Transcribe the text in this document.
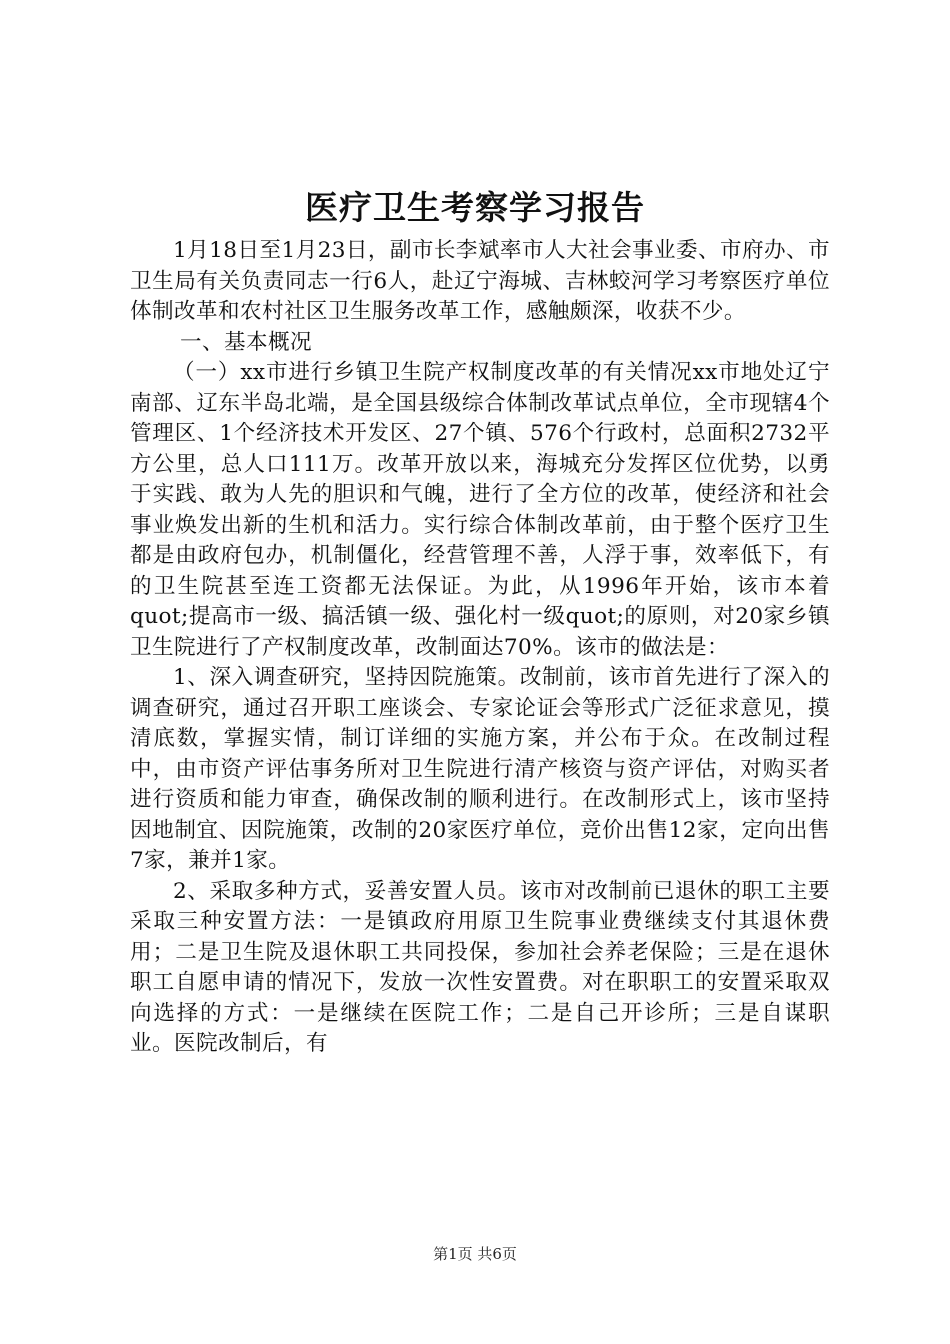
医疗卫生考察学习报告

1月18日至1月23日，副市长李斌率市人大社会事业委、市府办、市卫生局有关负责同志一行6人，赴辽宁海城、吉林蛟河学习考察医疗单位体制改革和农村社区卫生服务改革工作，感触颇深，收获不少。

一、基本概况

（一）xx市进行乡镇卫生院产权制度改革的有关情况xx市地处辽宁南部、辽东半岛北端，是全国县级综合体制改革试点单位，全市现辖4个管理区、1个经济技术开发区、27个镇、576个行政村，总面积2732平方公里，总人口111万。改革开放以来，海城充分发挥区位优势，以勇于实践、敢为人先的胆识和气魄，进行了全方位的改革，使经济和社会事业焕发出新的生机和活力。实行综合体制改革前，由于整个医疗卫生都是由政府包办，机制僵化，经营管理不善，人浮于事，效率低下，有的卫生院甚至连工资都无法保证。为此，从1996年开始，该市本着quot;提高市一级、搞活镇一级、强化村一级quot;的原则，对20家乡镇卫生院进行了产权制度改革，改制面达70%。该市的做法是：

1、深入调查研究，坚持因院施策。改制前，该市首先进行了深入的调查研究，通过召开职工座谈会、专家论证会等形式广泛征求意见，摸清底数，掌握实情，制订详细的实施方案，并公布于众。在改制过程中，由市资产评估事务所对卫生院进行清产核资与资产评估，对购买者进行资质和能力审查，确保改制的顺利进行。在改制形式上，该市坚持因地制宜、因院施策，改制的20家医疗单位，竞价出售12家，定向出售7家，兼并1家。

2、采取多种方式，妥善安置人员。该市对改制前已退休的职工主要采取三种安置方法：一是镇政府用原卫生院事业费继续支付其退休费用；二是卫生院及退休职工共同投保，参加社会养老保险；三是在退休职工自愿申请的情况下，发放一次性安置费。对在职职工的安置采取双向选择的方式：一是继续在医院工作；二是自己开诊所；三是自谋职业。医院改制后，有

第1页 共6页
